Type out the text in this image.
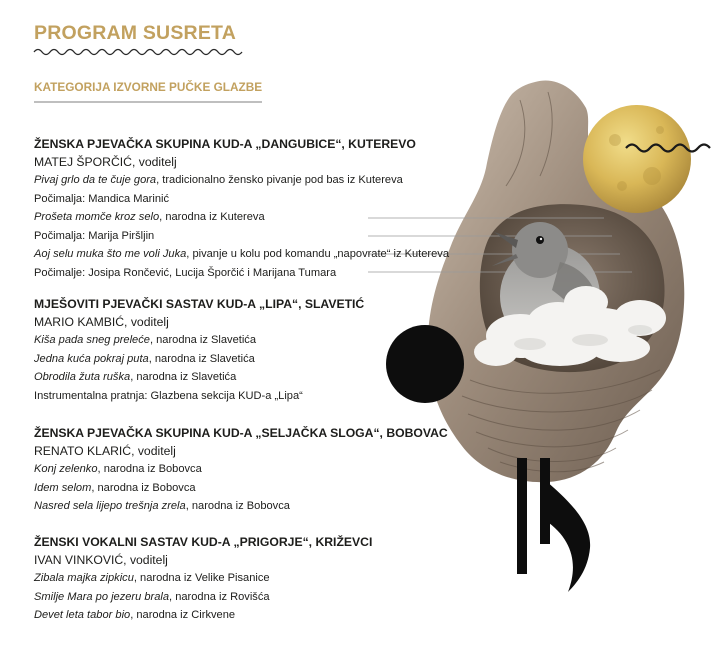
PROGRAM SUSRETA
KATEGORIJA IZVORNE PUČKE GLAZBE
ŽENSKA PJEVAČKA SKUPINA KUD-A „DANGUBICE“, KUTEREVO
MATEJ ŠPORČIĆ, voditelj
Pivaj grlo da te čuje gora, tradicionalno žensko pivanje pod bas iz Kutereva
Počimalja: Mandica Marinić
Prošeta momče kroz selo, narodna iz Kutereva
Počimalja: Marija Piršljin
Aoj selu muka što me voli Juka, pivanje u kolu pod komandu „napovrate“ iz Kutereva
Počimalje: Josipa Rončević, Lucija Šporčić i Marijana Tumara
MJEŠOVITI PJEVAČKI SASTAV KUD-A „LIPA“, SLAVETIĆ
MARIO KAMBIĆ, voditelj
Kiša pada sneg preleće, narodna iz Slavetića
Jedna kuća pokraj puta, narodna iz Slavetića
Obrodila žuta ruška, narodna iz Slavetića
Instrumentalna pratnja: Glazbena sekcija KUD-a „Lipa“
ŽENSKA PJEVAČKA SKUPINA KUD-A „SELJAČKA SLOGA“, BOBOVAC
RENATO KLARIĆ, voditelj
Konj zelenko, narodna iz Bobovca
Idem selom, narodna iz Bobovca
Nasred sela lijepo trešnja zrela, narodna iz Bobovca
ŽENSKI VOKALNI SASTAV KUD-A „PRIGORJE“, KRIŽEVCI
IVAN VINKOVIĆ, voditelj
Zibala majka zipkicu, narodna iz Velike Pisanice
Smilje Mara po jezeru brala, narodna iz Rovišća
Devet leta tabor bio, narodna iz Cirkvene
